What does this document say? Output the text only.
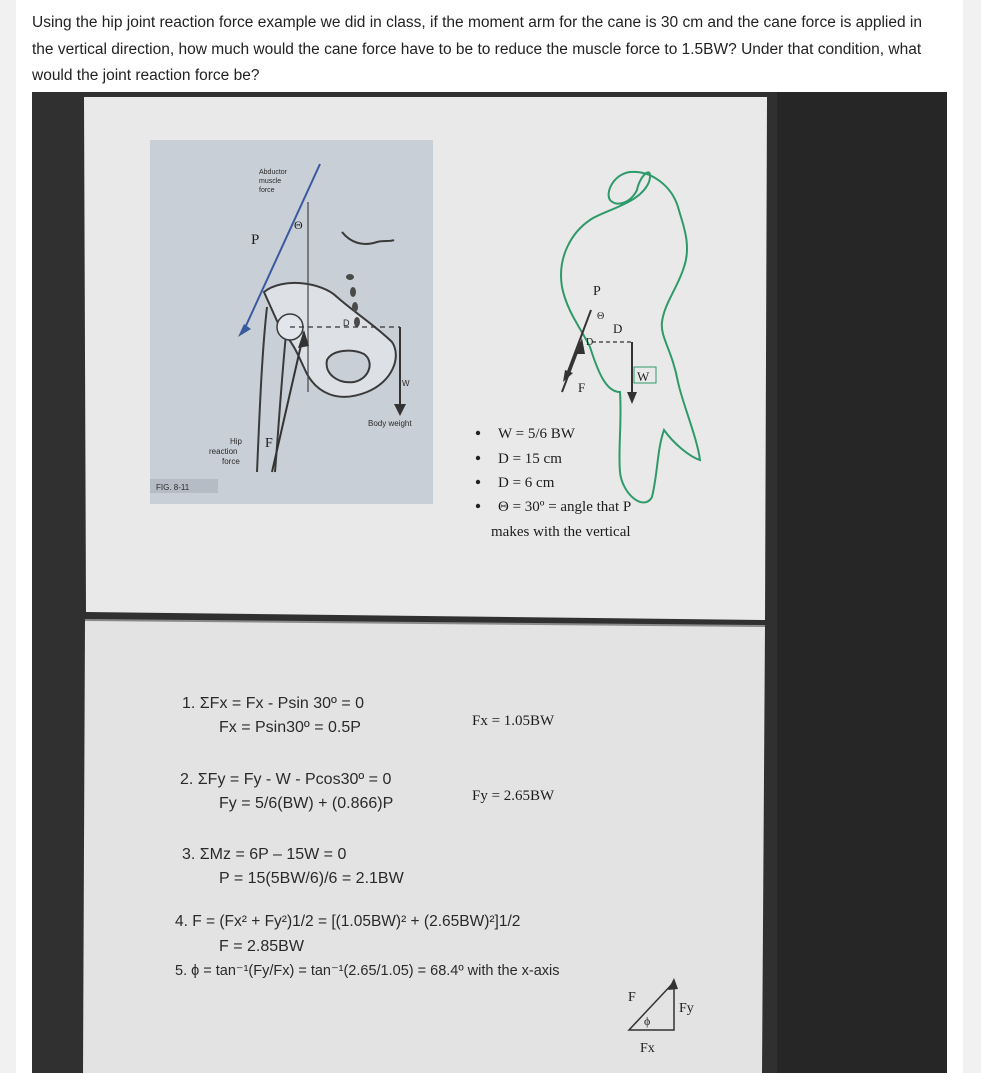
Using the hip joint reaction force example we did in class, if the moment arm for the cane is 30 cm and the cane force is applied in the vertical direction, how much would the cane force have to be to reduce the muscle force to 1.5BW? Under that condition, what would the joint reaction force be?
Abductor
muscle
force
P
Θ
D
F
W
Body weight
Hip
reaction
force
FIG. 8-11
P
Θ
D
D
F
W
W = 5/6 BW
D = 15 cm
D = 6 cm
Θ = 30º = angle that P
makes with the vertical
1. ΣFx = Fx - Psin 30º = 0
Fx = Psin30º = 0.5P	Fx = 1.05BW
2. ΣFy = Fy - W - Pcos30º = 0
Fy = 5/6(BW) + (0.866)P	Fy = 2.65BW
3. ΣMz = 6P – 15W = 0
P = 15(5BW/6)/6 = 2.1BW
4. F = (Fx² + Fy²)1/2 = [(1.05BW)² + (2.65BW)²]1/2
F = 2.85BW
5. ϕ = tan⁻¹(Fy/Fx) = tan⁻¹(2.65/1.05) = 68.4º with the x-axis
F
ϕ
Fy
Fx
